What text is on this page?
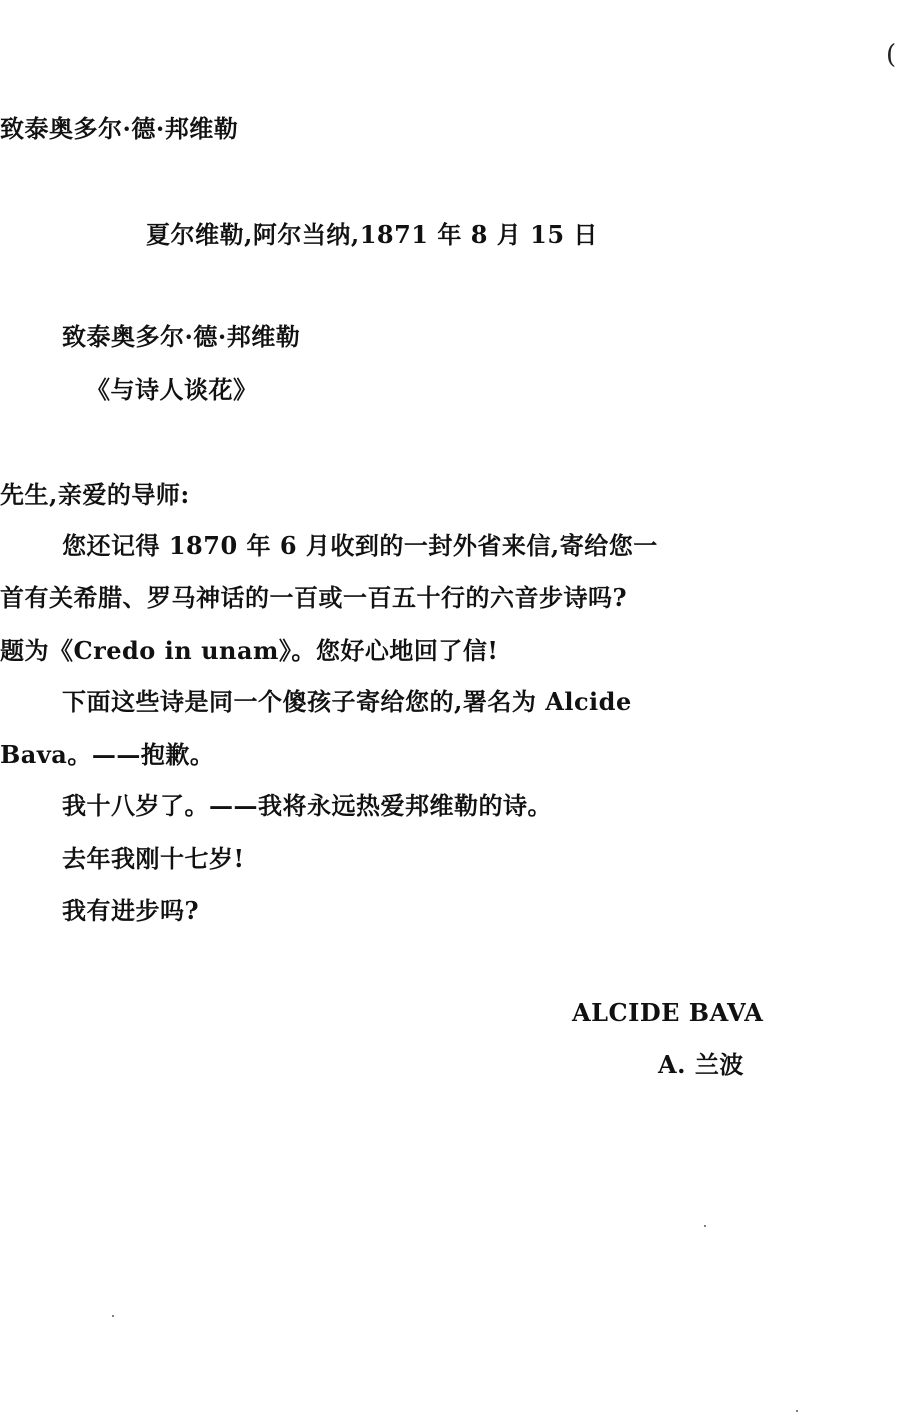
(

致泰奥多尔·德·邦维勒

夏尔维勒,阿尔当纳,1871 年 8 月 15 日

致泰奥多尔·德·邦维勒

《与诗人谈花》

先生,亲爱的导师:

您还记得 1870 年 6 月收到的一封外省来信,寄给您一

首有关希腊、罗马神话的一百或一百五十行的六音步诗吗?

题为《Credo in unam》。您好心地回了信!

下面这些诗是同一个傻孩子寄给您的,署名为 Alcide

Bava。——抱歉。

我十八岁了。——我将永远热爱邦维勒的诗。

去年我刚十七岁!

我有进步吗?

ALCIDE BAVA

A. 兰波
